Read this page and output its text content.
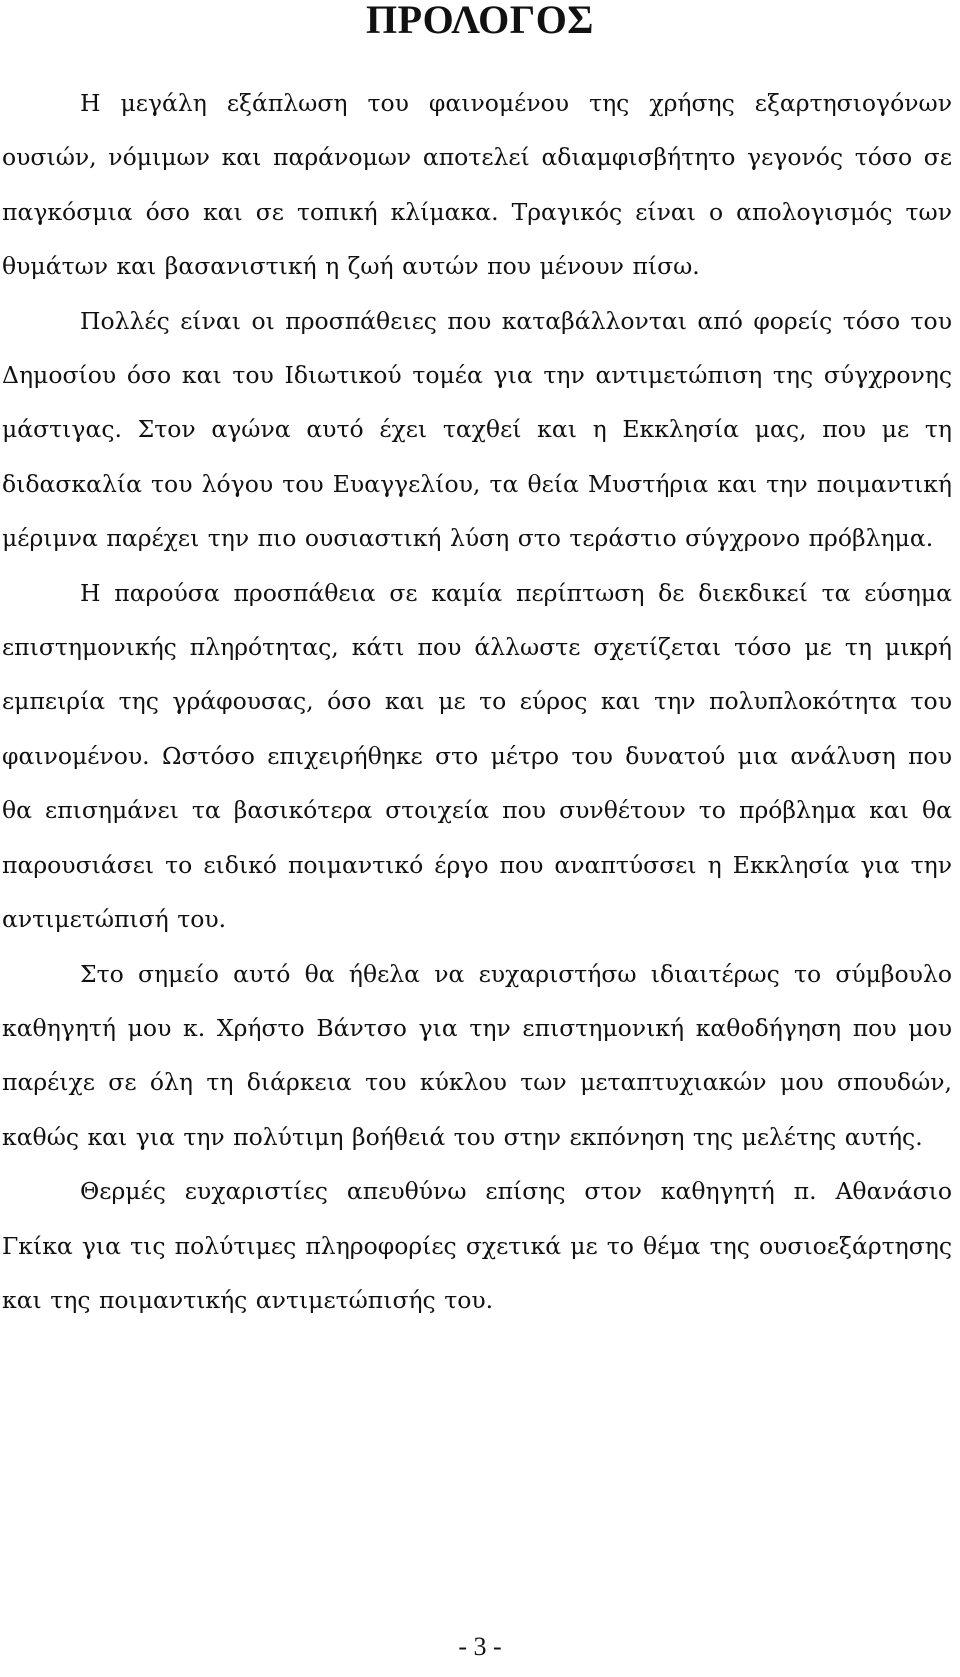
ΠΡΟΛΟΓΟΣ

Η μεγάλη εξάπλωση του φαινομένου της χρήσης εξαρτησιογόνων ουσιών, νόμιμων και παράνομων αποτελεί αδιαμφισβήτητο γεγονός τόσο σε παγκόσμια όσο και σε τοπική κλίμακα. Τραγικός είναι ο απολογισμός των θυμάτων και βασανιστική η ζωή αυτών που μένουν πίσω.

Πολλές είναι οι προσπάθειες που καταβάλλονται από φορείς τόσο του Δημοσίου όσο και του Ιδιωτικού τομέα για την αντιμετώπιση της σύγχρονης μάστιγας. Στον αγώνα αυτό έχει ταχθεί και η Εκκλησία μας, που με τη διδασκαλία του λόγου του Ευαγγελίου, τα θεία Μυστήρια και την ποιμαντική μέριμνα παρέχει την πιο ουσιαστική λύση στο τεράστιο σύγχρονο πρόβλημα.

Η παρούσα προσπάθεια σε καμία περίπτωση δε διεκδικεί τα εύσημα επιστημονικής πληρότητας, κάτι που άλλωστε σχετίζεται τόσο με τη μικρή εμπειρία της γράφουσας, όσο και με το εύρος και την πολυπλοκότητα του φαινομένου. Ωστόσο επιχειρήθηκε στο μέτρο του δυνατού μια ανάλυση που θα επισημάνει τα βασικότερα στοιχεία που συνθέτουν το πρόβλημα και θα παρουσιάσει το ειδικό ποιμαντικό έργο που αναπτύσσει η Εκκλησία για την αντιμετώπισή του.

Στο σημείο αυτό θα ήθελα να ευχαριστήσω ιδιαιτέρως το σύμβουλο καθηγητή μου κ. Χρήστο Βάντσο για την επιστημονική καθοδήγηση που μου παρέιχε σε όλη τη διάρκεια του κύκλου των μεταπτυχιακών μου σπουδών, καθώς και για την πολύτιμη βοήθειά του στην εκπόνηση της μελέτης αυτής.

Θερμές ευχαριστίες απευθύνω επίσης στον καθηγητή π. Αθανάσιο Γκίκα για τις πολύτιμες πληροφορίες σχετικά με το θέμα της ουσιοεξάρτησης και της ποιμαντικής αντιμετώπισής του.

- 3 -
